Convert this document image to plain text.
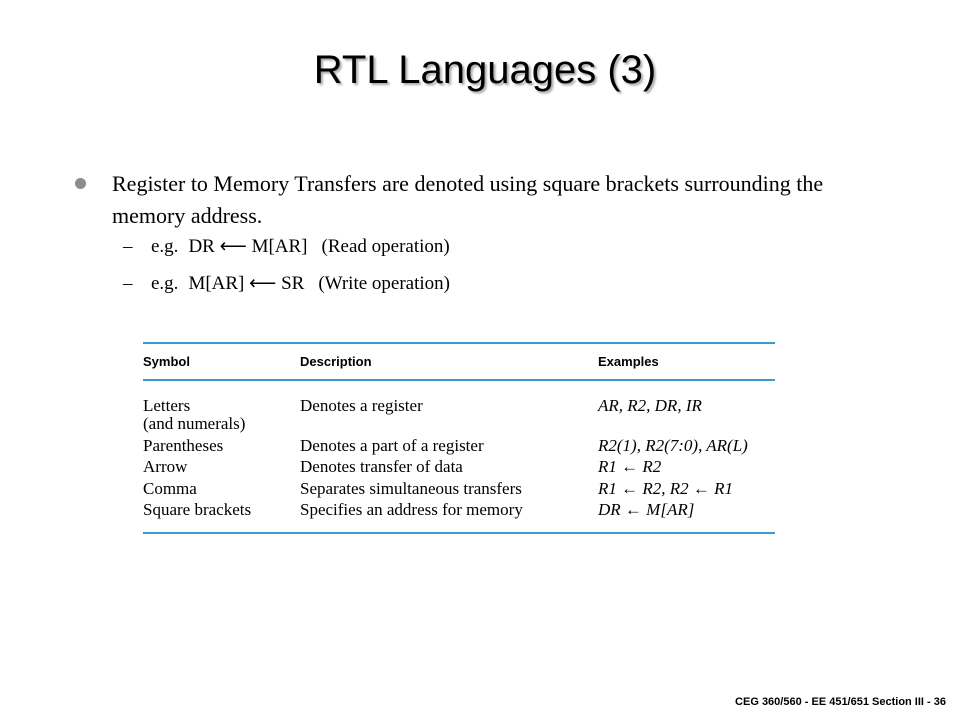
RTL Languages (3)
Register to Memory Transfers are denoted using square brackets surrounding the memory address.
– e.g. DR ⟵ M[AR] (Read operation)
– e.g. M[AR] ⟵ SR (Write operation)
Symbol	Description	Examples
Letters
(and numerals)
Denotes a register	AR, R2, DR, IR
Parentheses	Denotes a part of a register	R2(1), R2(7:0), AR(L)
Arrow	Denotes transfer of data	R1 ← R2
Comma	Separates simultaneous transfers	R1 ← R2, R2 ← R1
Square brackets	Specifies an address for memory	DR ← M[AR]
CEG 360/560 - EE 451/651 Section III - 36
